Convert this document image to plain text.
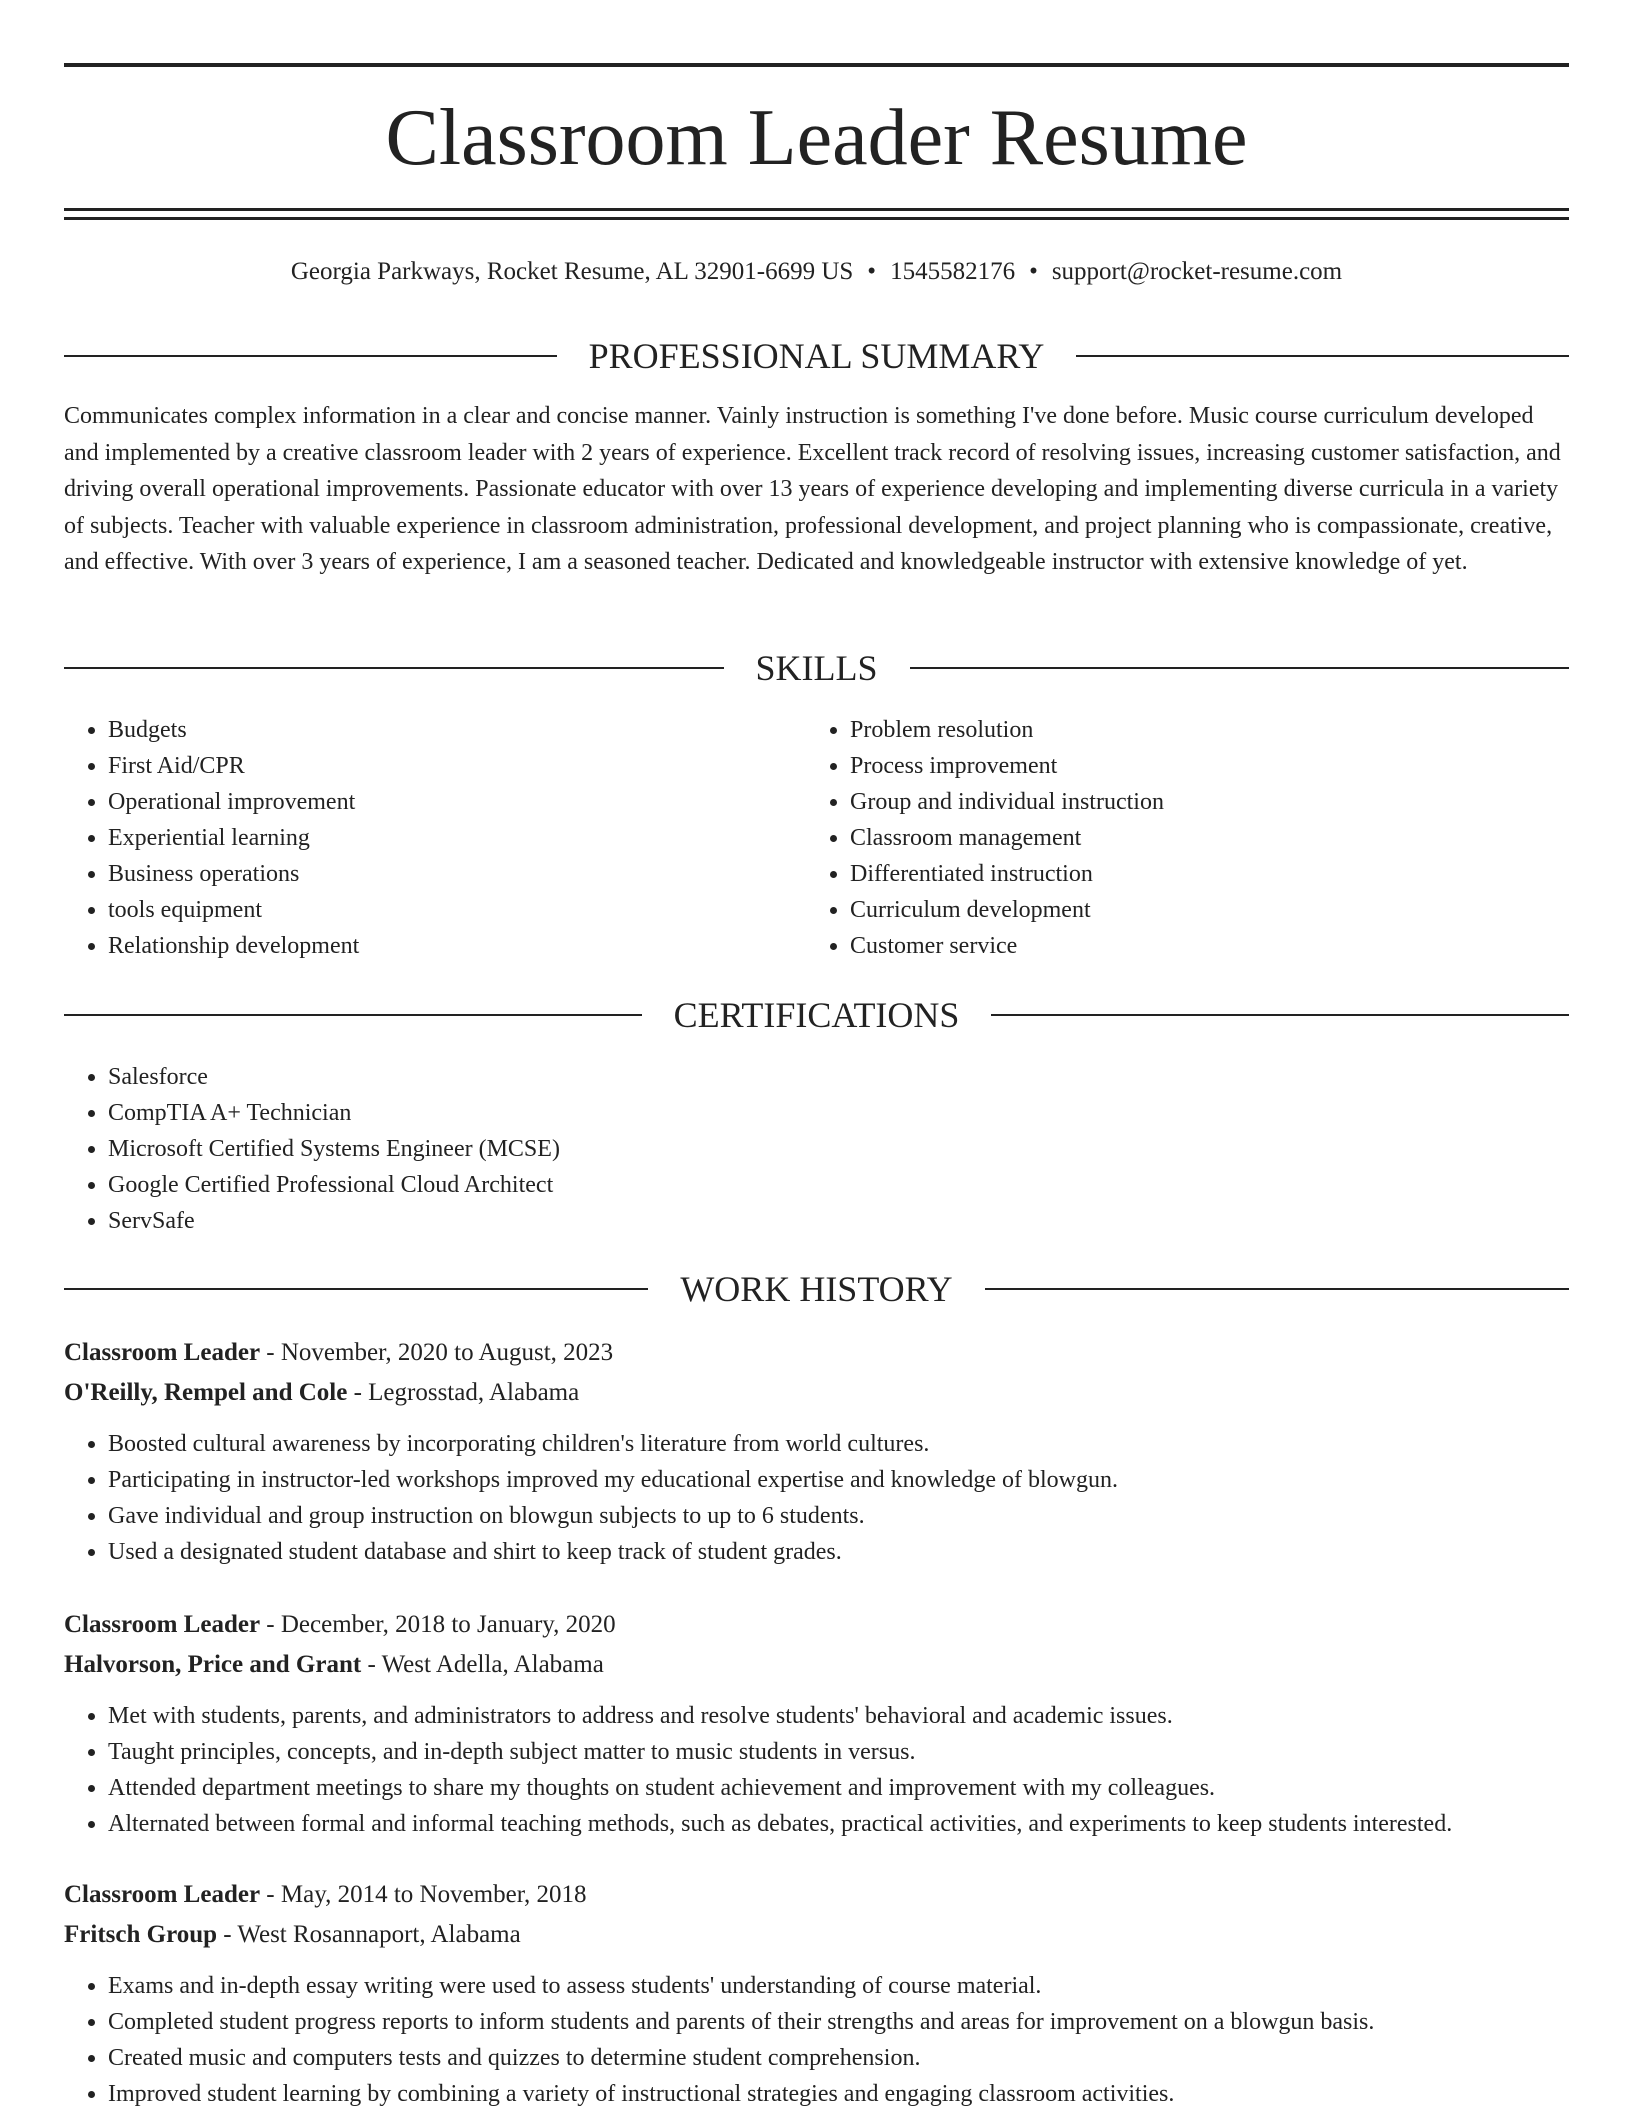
Classroom Leader Resume
Georgia Parkways, Rocket Resume, AL 32901-6699 US • 1545582176 • support@rocket-resume.com
PROFESSIONAL SUMMARY

Communicates complex information in a clear and concise manner. Vainly instruction is something I've done before. Music course curriculum developed and implemented by a creative classroom leader with 2 years of experience. Excellent track record of resolving issues, increasing customer satisfaction, and driving overall operational improvements. Passionate educator with over 13 years of experience developing and implementing diverse curricula in a variety of subjects. Teacher with valuable experience in classroom administration, professional development, and project planning who is compassionate, creative, and effective. With over 3 years of experience, I am a seasoned teacher. Dedicated and knowledgeable instructor with extensive knowledge of yet.

SKILLS
• Budgets
• First Aid/CPR
• Operational improvement
• Experiential learning
• Business operations
• tools equipment
• Relationship development
• Problem resolution
• Process improvement
• Group and individual instruction
• Classroom management
• Differentiated instruction
• Curriculum development
• Customer service
CERTIFICATIONS
• Salesforce
• CompTIA A+ Technician
• Microsoft Certified Systems Engineer (MCSE)
• Google Certified Professional Cloud Architect
• ServSafe
WORK HISTORY

Classroom Leader - November, 2020 to August, 2023

O'Reilly, Rempel and Cole - Legrosstad, Alabama

• Boosted cultural awareness by incorporating children's literature from world cultures.
• Participating in instructor-led workshops improved my educational expertise and knowledge of blowgun.
• Gave individual and group instruction on blowgun subjects to up to 6 students.
• Used a designated student database and shirt to keep track of student grades.

Classroom Leader - December, 2018 to January, 2020

Halvorson, Price and Grant - West Adella, Alabama

• Met with students, parents, and administrators to address and resolve students' behavioral and academic issues.
• Taught principles, concepts, and in-depth subject matter to music students in versus.
• Attended department meetings to share my thoughts on student achievement and improvement with my colleagues.
• Alternated between formal and informal teaching methods, such as debates, practical activities, and experiments to keep students interested.

Classroom Leader - May, 2014 to November, 2018

Fritsch Group - West Rosannaport, Alabama

• Exams and in-depth essay writing were used to assess students' understanding of course material.
• Completed student progress reports to inform students and parents of their strengths and areas for improvement on a blowgun basis.
• Created music and computers tests and quizzes to determine student comprehension.
• Improved student learning by combining a variety of instructional strategies and engaging classroom activities.
